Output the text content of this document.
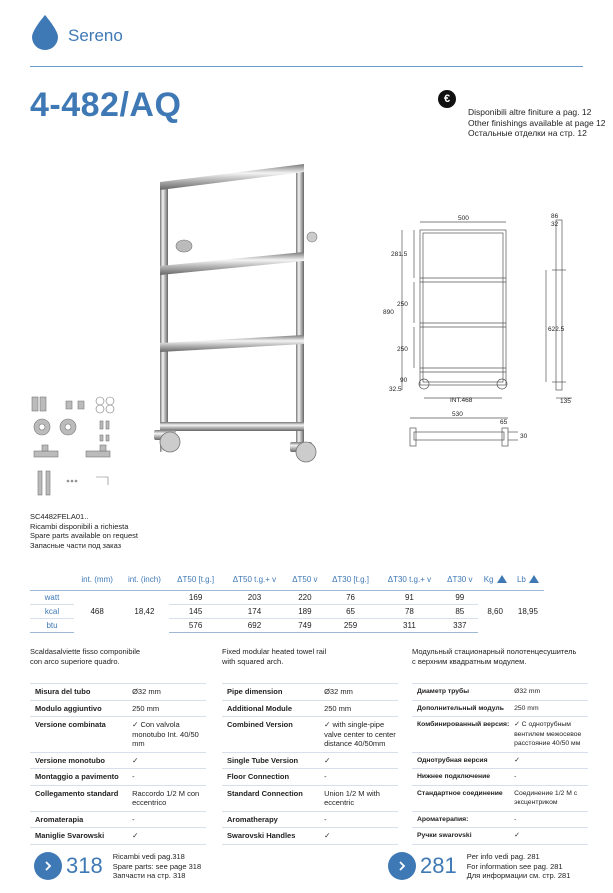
Sereno
4-482/AQ	€
Disponibili altre finiture a pag. 12
Other finishings available at page 12
Остальные отделки на стр. 12
500	86
32
281.5
890
250
250
622.5
90
32.5
INT.468	135
530
65
30
SC4482FELA01..
Ricambi disponibili a richiesta
Spare parts available on request
Запасные части под заказ
	int. (mm)	int. (inch)	ΔT50 [t.g.]	ΔT50 t.g.+ v	ΔT50 v	ΔT30 [t.g.]	ΔT30 t.g.+ v	ΔT30 v	Kg	Lb
watt	468	18,42	169	203	220	76	91	99	8,60	18,95
kcal			145	174	189	65	78	85		
btu			576	692	749	259	311	337		
Scaldasalviette fisso componibile
con arco superiore quadro.
Misura del tubo	Ø32 mm
Modulo aggiuntivo	250 mm
Versione combinata	✓ Con valvola monotubo Int. 40/50 mm
Versione monotubo	✓
Montaggio a pavimento	-
Collegamento standard	Raccordo 1/2 M con eccentrico
Aromaterapia	-
Maniglie Svarowski	✓
Fixed modular heated towel rail
with squared arch.
Pipe dimension	Ø32 mm
Additional Module	250 mm
Combined Version	✓ with single-pipe valve center to center distance 40/50mm
Single Tube Version	✓
Floor Connection	-
Standard Connection	Union 1/2 M with eccentric
Aromatherapy	-
Swarovski Handles	✓
Модульный стационарный полотенцесушитель
с верхним квадратным модулем.
Диаметр трубы	Ø32 mm
Дополнительный модуль	250 mm
Комбинированный версия:	✓ С однотрубным вентилем межосевое расстояние 40/50 мм
Однотрубная версия	✓
Нижнее подключение	-
Стандартное соединение	Соединение 1/2 М с эксцентриком
Ароматерапия:	-
Ручки swarovski	✓
318 Ricambi vedi pag.318
Spare parts: see page 318
Запчасти на стр. 318	281 Per info vedi pag. 281
For information see pag. 281
Для информации см. стр. 281
